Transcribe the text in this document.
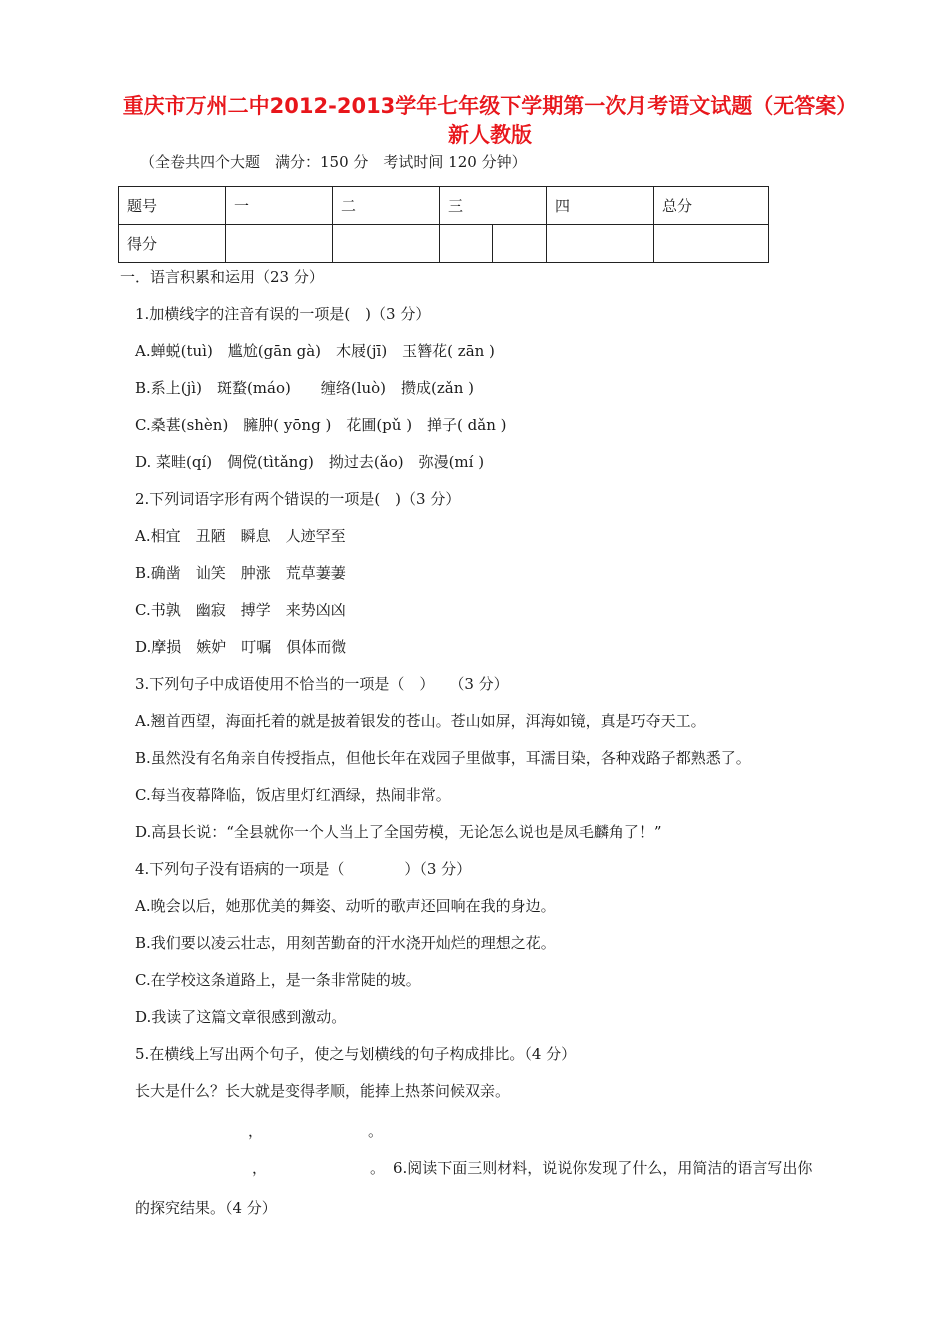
重庆市万州二中2012-2013学年七年级下学期第一次月考语文试题（无答案） 新人教版
（全卷共四个大题　满分：150 分　考试时间 120 分钟）
题号	一	二	三		四	总分
得分						
一．语言积累和运用（23 分）
1.加横线字的注音有误的一项是(　)（3 分）
A.蝉蜕(tuì)　尴尬(gān gà)　木屐(jī)　玉簪花( zān )
B.系上(jì)　斑蝥(máo)　　缠络(luò)　攒成(zǎn )
C.桑葚(shèn)　臃肿( yōng )　花圃(pǔ )　掸子( dǎn )
D. 菜畦(qí)　倜傥(tìtǎng)　拗过去(ǎo)　弥漫(mí )
2.下列词语字形有两个错误的一项是(　)（3 分）
A.相宜　丑陋　瞬息　人迹罕至
B.确凿　讪笑　肿涨　荒草萋萋
C.书孰　幽寂　搏学　来势凶凶
D.摩损　嫉妒　叮嘱　俱体而微
3.下列句子中成语使用不恰当的一项是（　）　　（3 分）
A.翘首西望，海面托着的就是披着银发的苍山。苍山如屏，洱海如镜，真是巧夺天工。
B.虽然没有名角亲自传授指点，但他长年在戏园子里做事，耳濡目染，各种戏路子都熟悉了。
C.每当夜幕降临，饭店里灯红酒绿，热闹非常。
D.高县长说：“全县就你一个人当上了全国劳模，无论怎么说也是凤毛麟角了！”
4.下列句子没有语病的一项是（　　　　）（3 分）
A.晚会以后，她那优美的舞姿、动听的歌声还回响在我的身边。
B.我们要以凌云壮志，用刻苦勤奋的汗水浇开灿烂的理想之花。
C.在学校这条道路上，是一条非常陡的坡。
D.我读了这篇文章很感到激动。
5.在横线上写出两个句子，使之与划横线的句子构成排比。（4 分）
长大是什么？长大就是变得孝顺，能捧上热茶问候双亲。
，	。
，	。 6.阅读下面三则材料，说说你发现了什么，用简洁的语言写出你
的探究结果。（4 分）
